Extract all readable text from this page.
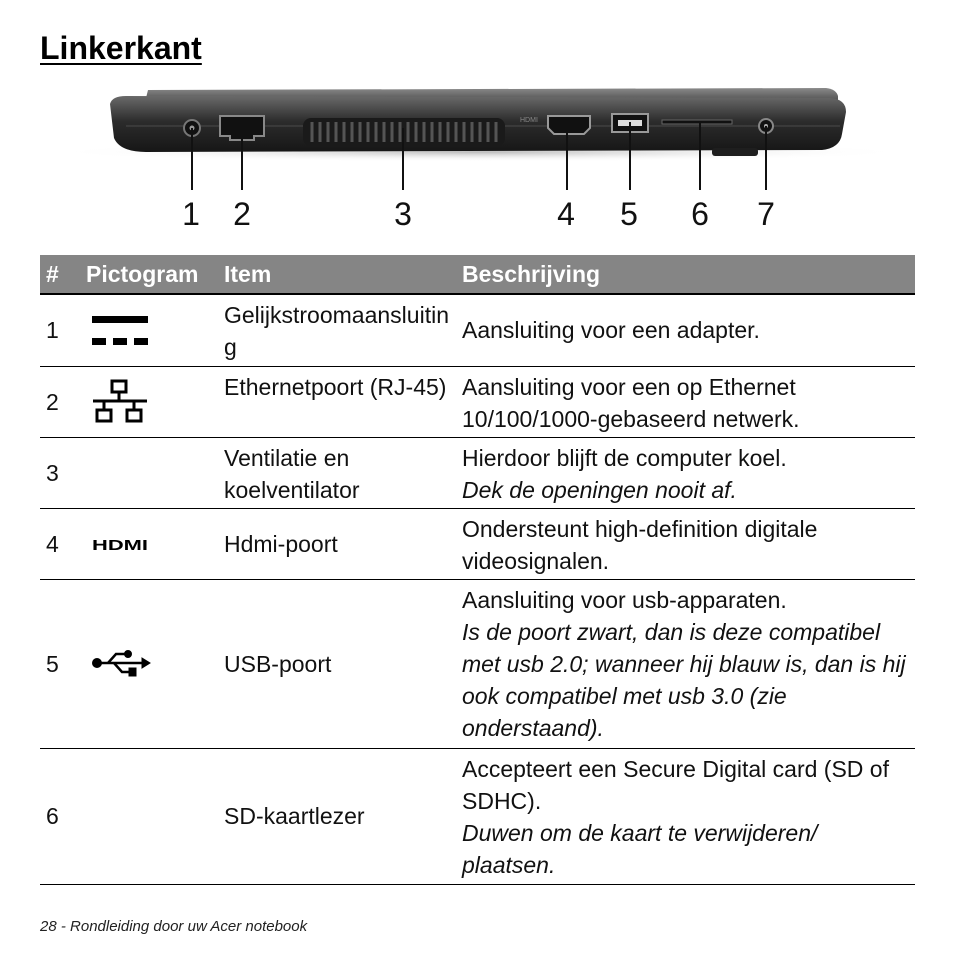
Linkerkant
HDMI
1 2	3	4 5 6 7
#	Pictogram	Item	Beschrijving
1		Gelijkstroomaansluiting	Aansluiting voor een adapter.

2		Ethernetpoort (RJ-45)	Aansluiting voor een op Ethernet 10/100/1000-gebaseerd netwerk.

3		Ventilatie en koelventilator	Hierdoor blijft de computer koel.
Dek de openingen nooit af.

4	HDMI	Hdmi-poort	Ondersteunt high-definition digitale videosignalen.

5		USB-poort	Aansluiting voor usb-apparaten.
Is de poort zwart, dan is deze compatibel met usb 2.0; wanneer hij blauw is, dan is hij ook compatibel met usb 3.0 (zie onderstaand).

6		SD-kaartlezer	Accepteert een Secure Digital card (SD of SDHC).
Duwen om de kaart te verwijderen/ plaatsen.
28 - Rondleiding door uw Acer notebook
